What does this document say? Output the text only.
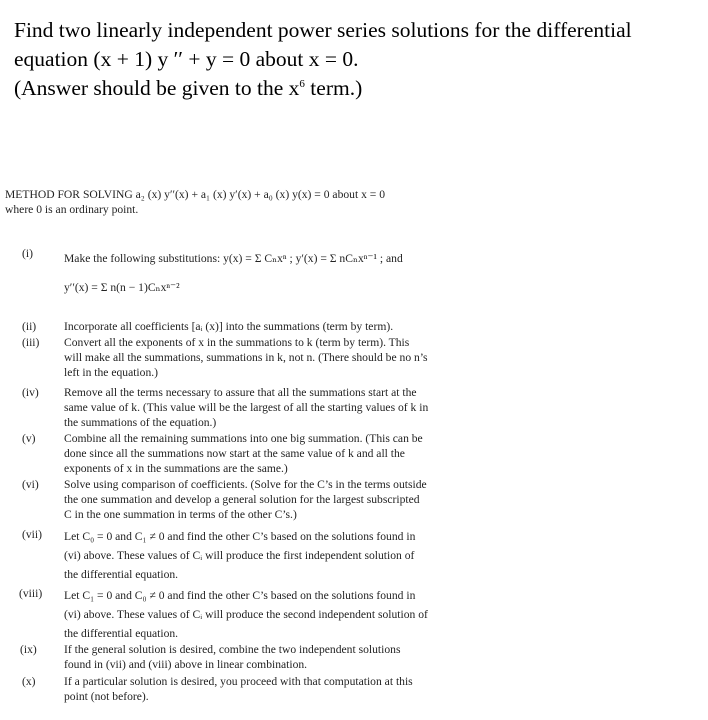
Find two linearly independent power series solutions for the differential
equation (x + 1) y ′′ + y = 0 about x = 0.
(Answer should be given to the $x^6$ term.)
METHOD FOR SOLVING a₂ (x) y′′(x) + a₁ (x) y′(x) + a₀ (x) y(x) = 0 about x = 0
where 0 is an ordinary point.
(i)	Make the following substitutions: y(x) = Σ Cₙxⁿ ; y′(x) = Σ nCₙxⁿ⁻¹ ; and
y′′(x) = Σ n(n − 1)Cₙxⁿ⁻²
(ii)	Incorporate all coefficients [aᵢ (x)] into the summations (term by term).
(iii)	Convert all the exponents of x in the summations to k (term by term). This
will make all the summations, summations in k, not n. (There should be no n’s
left in the equation.)
(iv)	Remove all the terms necessary to assure that all the summations start at the
same value of k. (This value will be the largest of all the starting values of k in
the summations of the equation.)
(v)	Combine all the remaining summations into one big summation. (This can be
done since all the summations now start at the same value of k and all the
exponents of x in the summations are the same.)
(vi)	Solve using comparison of coefficients. (Solve for the C’s in the terms outside
the one summation and develop a general solution for the largest subscripted
C in the one summation in terms of the other C’s.)
(vii)	Let C₀ = 0 and C₁ ≠ 0 and find the other C’s based on the solutions found in
(vi) above. These values of Cᵢ will produce the first independent solution of
the differential equation.
(viii)	Let C₁ = 0 and C₀ ≠ 0 and find the other C’s based on the solutions found in
(vi) above. These values of Cᵢ will produce the second independent solution of
the differential equation.
(ix)	If the general solution is desired, combine the two independent solutions
found in (vii) and (viii) above in linear combination.
(x)	If a particular solution is desired, you proceed with that computation at this
point (not before).
